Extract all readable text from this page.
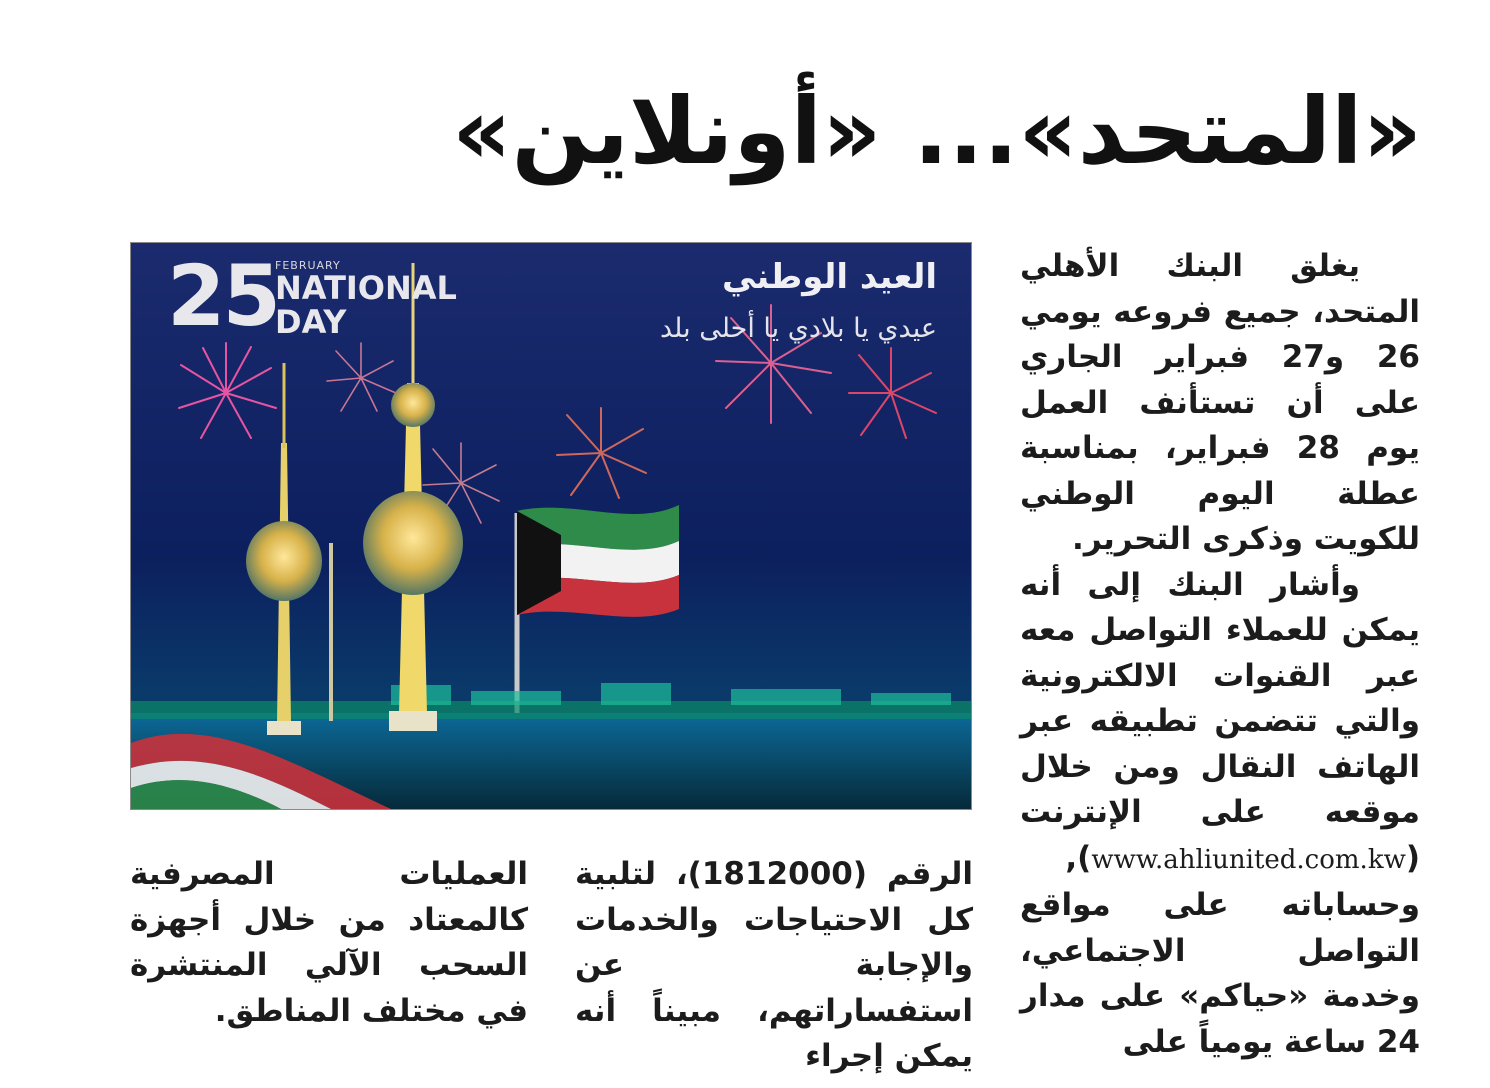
«المتحد»... «أونلاين»
25
FEBRUARY
NATIONAL DAY
العيد الوطني
عيدي يا بلادي يا أحلى بلد

يغلق البنك الأهلي المتحد، جميع فروعه يومي 26 و27 فبراير الجاري على أن تستأنف العمل يوم 28 فبراير، بمناسبة عطلة اليوم الوطني للكويت وذكرى التحرير.

وأشار البنك إلى أنه يمكن للعملاء التواصل معه عبر القنوات الالكترونية والتي تتضمن تطبيقه عبر الهاتف النقال ومن خلال موقعه على الإنترنت (www.ahliunited.com.kw), وحساباته على مواقع التواصل الاجتماعي، وخدمة «حياكم» على مدار 24 ساعة يومياً على

الرقم (1812000)، لتلبية كل الاحتياجات والخدمات والإجابة عن استفساراتهم، مبيناً أنه يمكن إجراء

العمليات المصرفية كالمعتاد من خلال أجهزة السحب الآلي المنتشرة في مختلف المناطق.
